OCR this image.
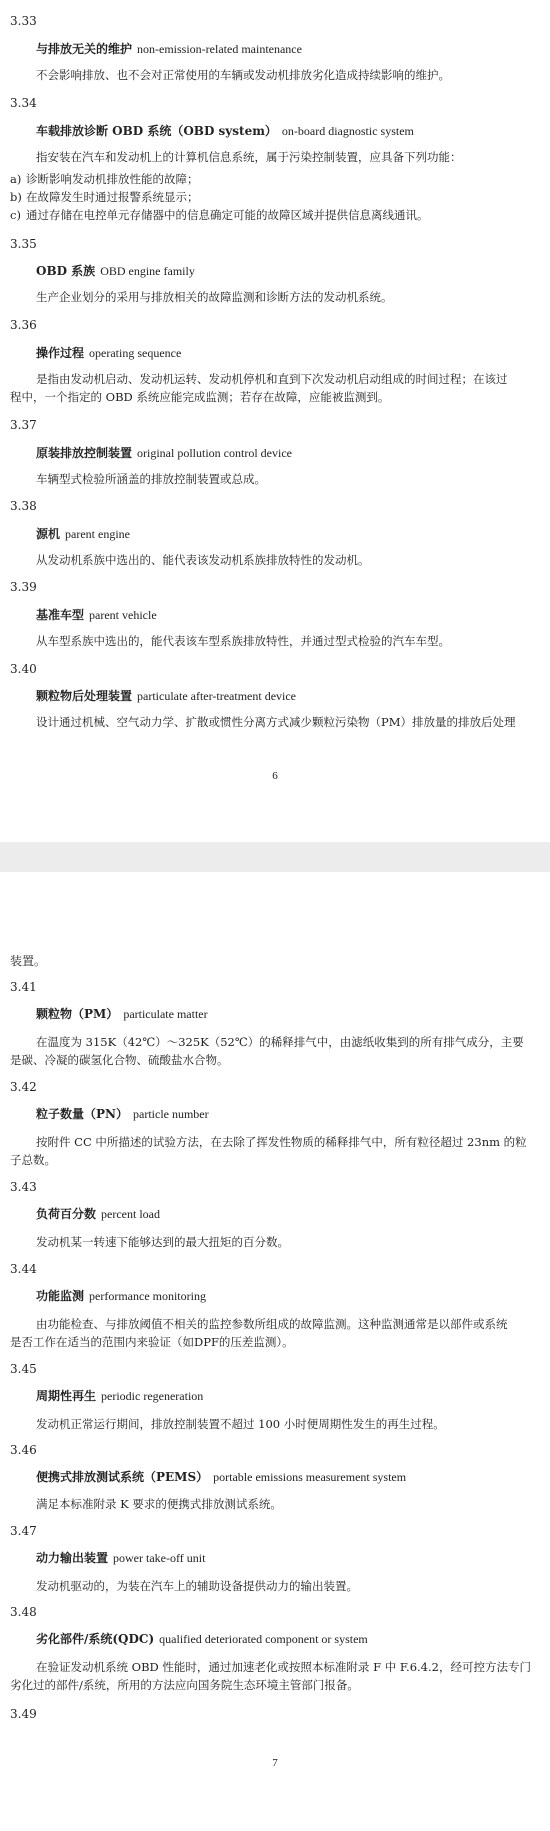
3.33
与排放无关的维护 non-emission-related maintenance
不会影响排放、也不会对正常使用的车辆或发动机排放劣化造成持续影响的维护。
3.34
车载排放诊断 OBD 系统（OBD system） on-board diagnostic system
指安装在汽车和发动机上的计算机信息系统，属于污染控制装置，应具备下列功能：
a) 诊断影响发动机排放性能的故障；
b) 在故障发生时通过报警系统显示；
c) 通过存储在电控单元存储器中的信息确定可能的故障区域并提供信息离线通讯。
3.35
OBD 系族 OBD engine family
生产企业划分的采用与排放相关的故障监测和诊断方法的发动机系统。
3.36
操作过程 operating sequence
是指由发动机启动、发动机运转、发动机停机和直到下次发动机启动组成的时间过程；在该过
程中，一个指定的 OBD 系统应能完成监测；若存在故障，应能被监测到。
3.37
原装排放控制装置 original pollution control device
车辆型式检验所涵盖的排放控制装置或总成。
3.38
源机 parent engine
从发动机系族中选出的、能代表该发动机系族排放特性的发动机。
3.39
基准车型 parent vehicle
从车型系族中选出的，能代表该车型系族排放特性，并通过型式检验的汽车车型。
3.40
颗粒物后处理装置 particulate after-treatment device
设计通过机械、空气动力学、扩散或惯性分离方式减少颗粒污染物（PM）排放量的排放后处理
6
装置。
3.41
颗粒物（PM） particulate matter
在温度为 315K（42℃）～325K（52℃）的稀释排气中，由滤纸收集到的所有排气成分，主要
是碳、冷凝的碳氢化合物、硫酸盐水合物。
3.42
粒子数量（PN） particle number
按附件 CC 中所描述的试验方法，在去除了挥发性物质的稀释排气中，所有粒径超过 23nm 的粒
子总数。
3.43
负荷百分数 percent load
发动机某一转速下能够达到的最大扭矩的百分数。
3.44
功能监测 performance monitoring
由功能检查、与排放阈值不相关的监控参数所组成的故障监测。这种监测通常是以部件或系统
是否工作在适当的范围内来验证（如DPF的压差监测）。
3.45
周期性再生 periodic regeneration
发动机正常运行期间，排放控制装置不超过 100 小时便周期性发生的再生过程。
3.46
便携式排放测试系统（PEMS） portable emissions measurement system
满足本标准附录 K 要求的便携式排放测试系统。
3.47
动力输出装置 power take-off unit
发动机驱动的，为装在汽车上的辅助设备提供动力的输出装置。
3.48
劣化部件/系统(QDC) qualified deteriorated component or system
在验证发动机系统 OBD 性能时，通过加速老化或按照本标准附录 F 中 F.6.4.2，经可控方法专门
劣化过的部件/系统，所用的方法应向国务院生态环境主管部门报备。
3.49
7
